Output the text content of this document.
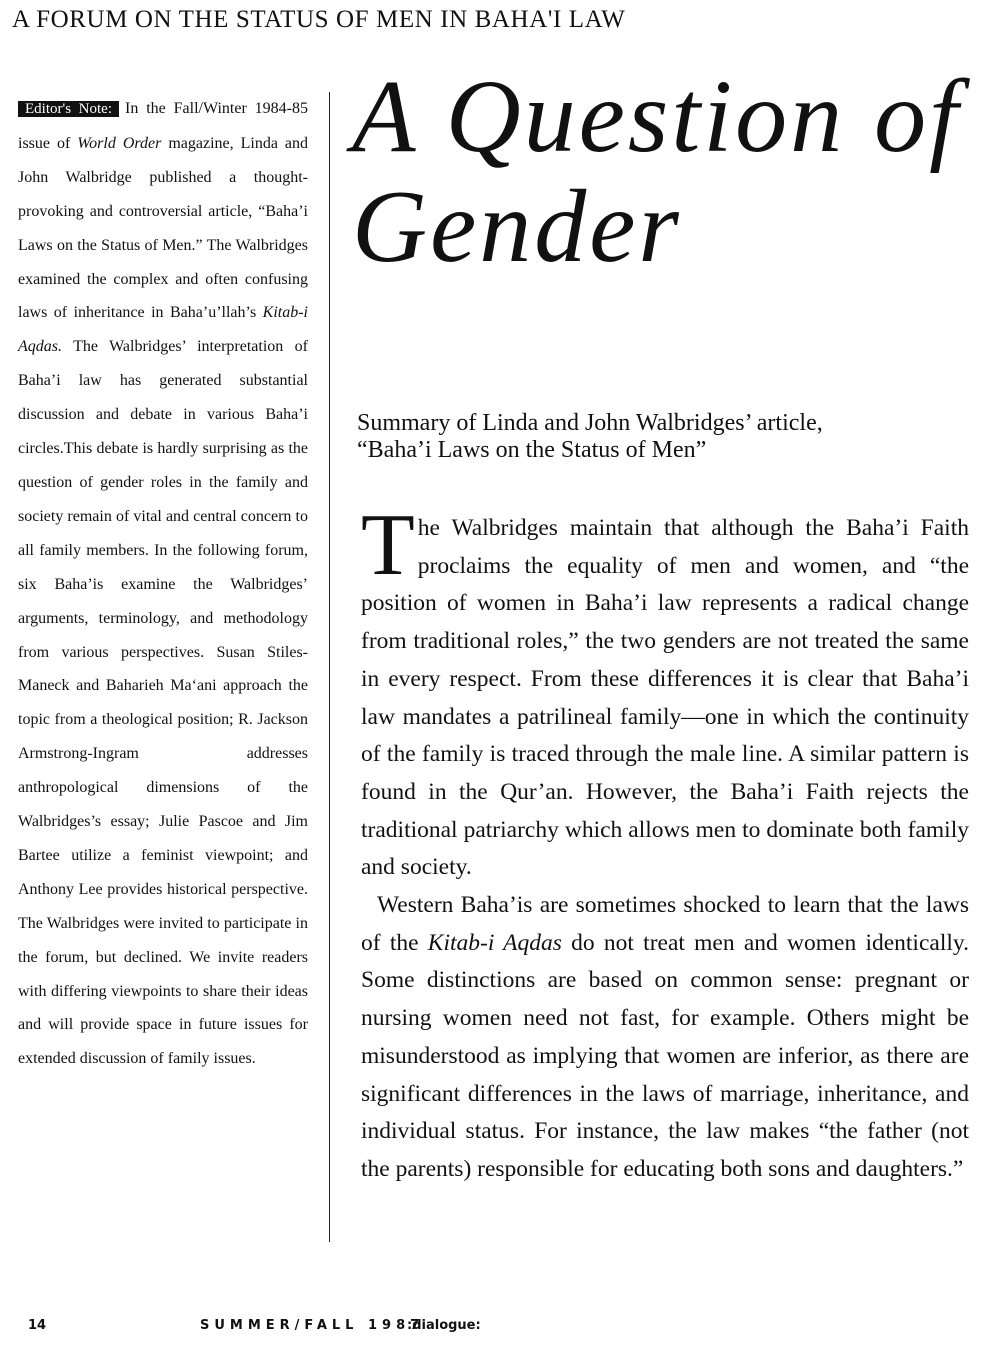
A FORUM ON THE STATUS OF MEN IN BAHA'I LAW
Editor's Note: In the Fall/Winter 1984-85 issue of World Order magazine, Linda and John Walbridge published a thought-provoking and controversial article, “Baha’i Laws on the Status of Men.” The Walbridges examined the complex and often confusing laws of inheritance in Baha’u’llah’s Kitab-i Aqdas. The Walbridges’ interpretation of Baha’i law has generated substantial discussion and debate in various Baha’i circles.This debate is hardly surprising as the question of gender roles in the family and society remain of vital and central concern to all family members. In the following forum, six Baha’is examine the Walbridges’ arguments, terminology, and methodology from various perspectives. Susan Stiles-Maneck and Baharieh Ma‘ani approach the topic from a theological position; R. Jackson Armstrong-Ingram addresses anthropological dimensions of the Walbridges’s essay; Julie Pascoe and Jim Bartee utilize a feminist viewpoint; and Anthony Lee provides historical perspective. The Walbridges were invited to participate in the forum, but declined. We invite readers with differing viewpoints to share their ideas and will provide space in future issues for extended discussion of family issues.
A Question of
Gender

Summary of Linda and John Walbridges’ article,
“Baha’i Laws on the Status of Men”

The Walbridges maintain that although the Baha’i Faith proclaims the equality of men and women, and “the position of women in Baha’i law represents a radical change from traditional roles,” the two genders are not treated the same in every respect. From these differences it is clear that Baha’i law mandates a patrilineal family—one in which the continuity of the family is traced through the male line. A similar pattern is found in the Qur’an. However, the Baha’i Faith rejects the traditional patriarchy which allows men to dominate both family and society.

Western Baha’is are sometimes shocked to learn that the laws of the Kitab-i Aqdas do not treat men and women identically. Some distinctions are based on common sense: pregnant or nursing women need not fast, for example. Others might be misunderstood as implying that women are inferior, as there are significant differences in the laws of marriage, inheritance, and individual status. For instance, the law makes “the father (not the parents) responsible for educating both sons and daughters.”

14	SUMMER/FALL 1987
:dialogue:
